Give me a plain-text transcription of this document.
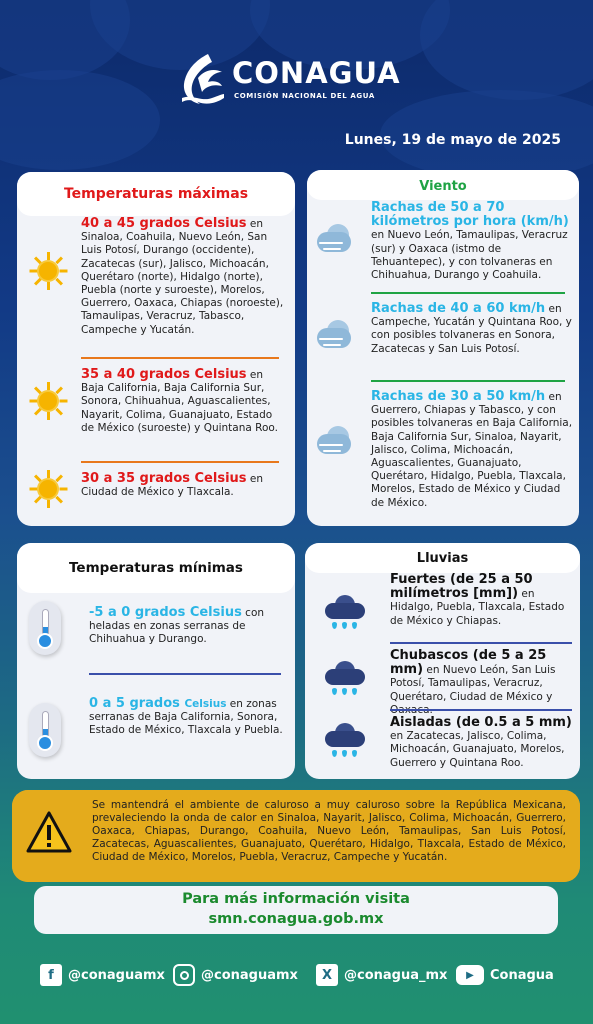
CONAGUA
COMISIÓN NACIONAL DEL AGUA
Lunes, 19 de mayo de 2025
Temperaturas máximas
40 a 45 grados Celsius en Sinaloa, Coahuila, Nuevo León, San Luis Potosí, Durango (occidente), Zacatecas (sur), Jalisco, Michoacán, Querétaro (norte), Hidalgo (norte), Puebla (norte y suroeste), Morelos, Guerrero, Oaxaca, Chiapas (noroeste), Tamaulipas, Veracruz, Tabasco, Campeche y Yucatán.
35 a 40 grados Celsius en Baja California, Baja California Sur, Sonora, Chihuahua, Aguascalientes, Nayarit, Colima, Guanajuato, Estado de México (suroeste) y Quintana Roo.
30 a 35 grados Celsius en Ciudad de México y Tlaxcala.
Viento
Rachas de 50 a 70 kilómetros por hora (km/h) en Nuevo León, Tamaulipas, Veracruz (sur) y Oaxaca (istmo de Tehuantepec), y con tolvaneras en Chihuahua, Durango y Coahuila.
Rachas de 40 a 60 km/h en Campeche, Yucatán y Quintana Roo, y con posibles tolvaneras en Sonora, Zacatecas y San Luis Potosí.
Rachas de 30 a 50 km/h en Guerrero, Chiapas y Tabasco, y con posibles tolvaneras en Baja California, Baja California Sur, Sinaloa, Nayarit, Jalisco, Colima, Michoacán, Aguascalientes, Guanajuato, Querétaro, Hidalgo, Puebla, Tlaxcala, Morelos, Estado de México y Ciudad de México.
Temperaturas mínimas
-5 a 0 grados Celsius con heladas en zonas serranas de Chihuahua y Durango.
0 a 5 grados Celsius en zonas serranas de Baja California, Sonora, Estado de México, Tlaxcala y Puebla.
Lluvias
Fuertes (de 25 a 50 milímetros [mm]) en Hidalgo, Puebla, Tlaxcala, Estado de México y Chiapas.
Chubascos (de 5 a 25 mm) en Nuevo León, San Luis Potosí, Tamaulipas, Veracruz, Querétaro, Ciudad de México y
Aisladas (de 0.5 a 5 mm) en Zacatecas, Jalisco, Colima, Michoacán, Guanajuato, Morelos, Guerrero y Quintana Roo.
Se mantendrá el ambiente de caluroso a muy caluroso sobre la República Mexicana, prevaleciendo la onda de calor en Sinaloa, Nayarit, Jalisco, Colima, Michoacán, Guerrero, Oaxaca, Chiapas, Durango, Coahuila, Nuevo León, Tamaulipas, San Luis Potosí, Zacatecas, Aguascalientes, Guanajuato, Querétaro, Hidalgo, Tlaxcala, Estado de México, Ciudad de México, Morelos, Puebla, Veracruz, Campeche y Yucatán.
Para más información visita
smn.conagua.gob.mx
f	@conaguamx	@conaguamx	X @conagua_mx	▶	Conagua
